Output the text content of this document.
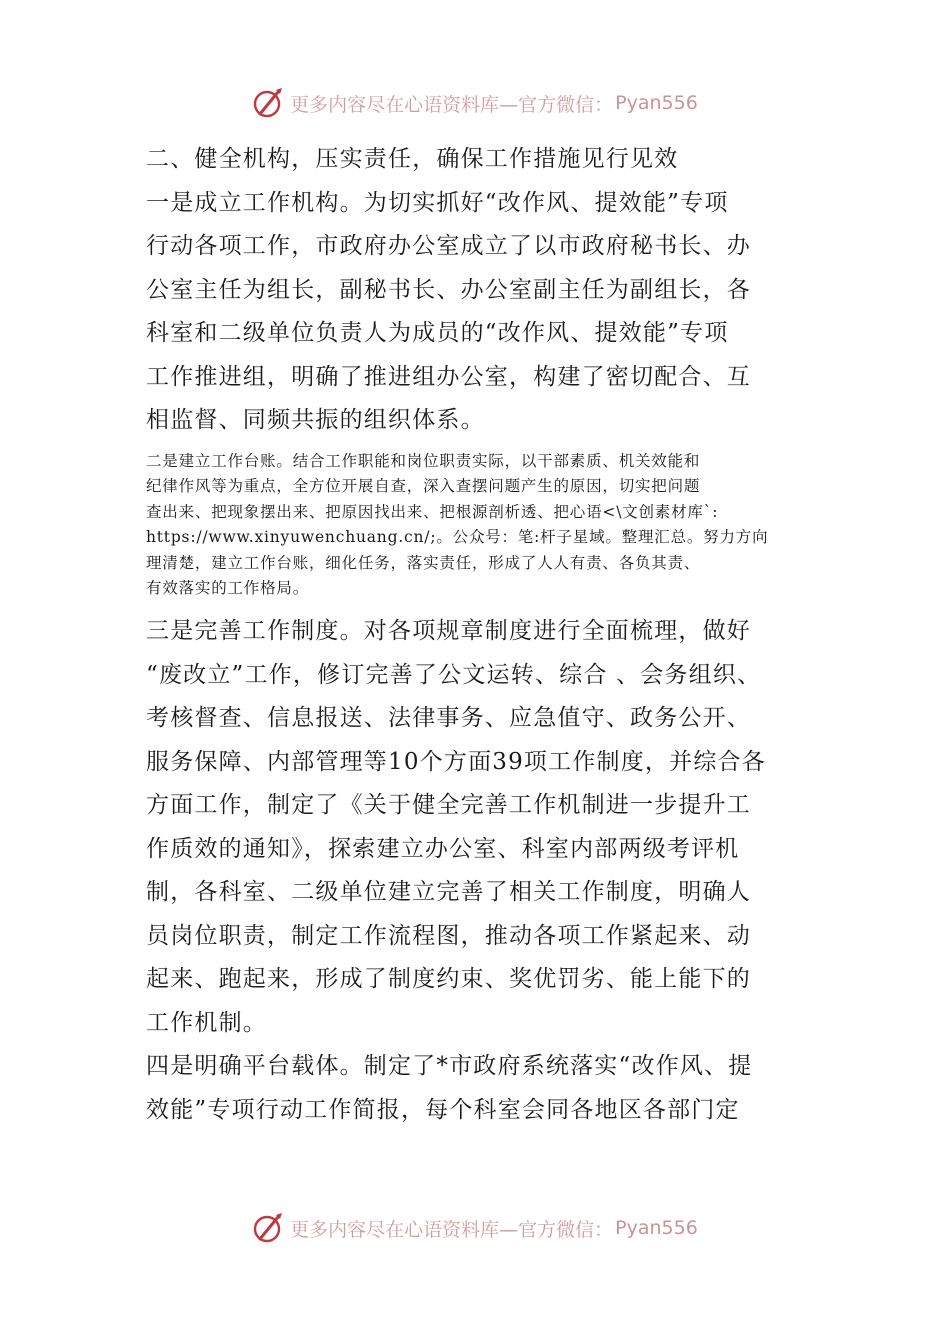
更多内容尽在心语资料库—官方微信： Pyan556

二、健全机构，压实责任，确保工作措施见行见效

一是成立工作机构。为切实抓好“改作风、提效能”专项
行动各项工作，市政府办公室成立了以市政府秘书长、办
公室主任为组长，副秘书长、办公室副主任为副组长，各
科室和二级单位负责人为成员的“改作风、提效能”专项
工作推进组，明确了推进组办公室，构建了密切配合、互
相监督、同频共振的组织体系。

二是建立工作台账。结合工作职能和岗位职责实际，以干部素质、机关效能和
纪律作风等为重点，全方位开展自查，深入查摆问题产生的原因，切实把问题
查出来、把现象摆出来、把原因找出来、把根源剖析透、把心语<\文创素材库`:
https://www.xinyuwenchuang.cn/;。公众号：笔:杆子星域。整理汇总。努力方向
理清楚，建立工作台账，细化任务，落实责任，形成了人人有责、各负其责、
有效落实的工作格局。

三是完善工作制度。对各项规章制度进行全面梳理，做好
“废改立”工作，修订完善了公文运转、综合 、会务组织、
考核督查、信息报送、法律事务、应急值守、政务公开、
服务保障、内部管理等10个方面39项工作制度，并综合各
方面工作，制定了《关于健全完善工作机制进一步提升工
作质效的通知》，探索建立办公室、科室内部两级考评机
制，各科室、二级单位建立完善了相关工作制度，明确人
员岗位职责，制定工作流程图，推动各项工作紧起来、动
起来、跑起来，形成了制度约束、奖优罚劣、能上能下的
工作机制。

四是明确平台载体。制定了*市政府系统落实“改作风、提
效能”专项行动工作简报，每个科室会同各地区各部门定

更多内容尽在心语资料库—官方微信： Pyan556
